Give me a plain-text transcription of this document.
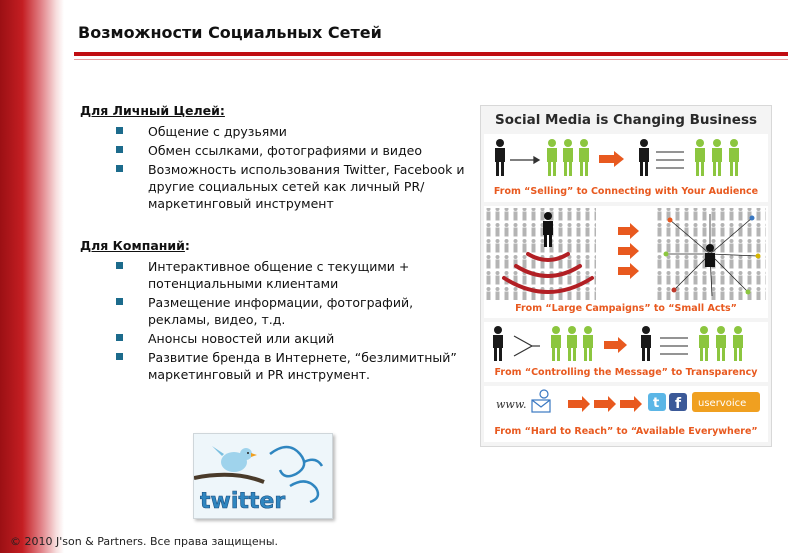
Возможности Социальных Сетей

Для Личный Целей:

Общение с друзьями
Обмен ссылками, фотографиями и видео
Возможность использования Twitter, Facebook и другие социальных сетей как личный PR/маркетинговый инструмент

Для Компаний:

Интерактивное общение с текущими + потенциальными клиентами
Размещение информации, фотографий, рекламы, видео, т.д.
Анонсы новостей или акций
Развитие бренда в Интернете, “безлимитный” маркетинговый и PR инструмент.
Social Media is Changing Business
From “Selling” to Connecting with Your Audience
From “Large Campaigns” to “Small Acts”
From “Controlling the Message” to Transparency
www.	t f uservoice
From “Hard to Reach” to “Available Everywhere”
twitter
© 2010 J'son & Partners. Все права защищены.
